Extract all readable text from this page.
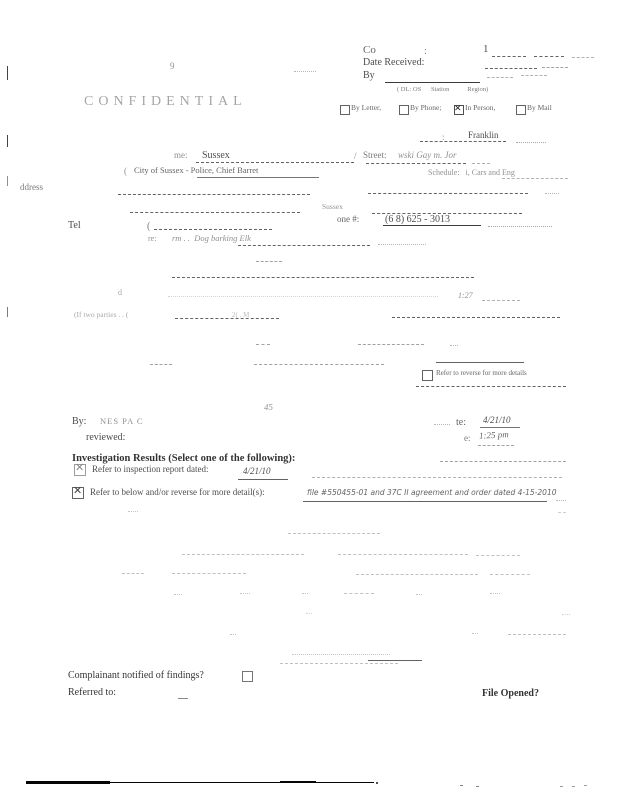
9
Co	:	1
Date Received:
By
( DL: OS      Station           Region)
By Letter,	By Phone; ✕ In Person,	By Mail
CONFIDENTIAL
:	Franklin
me: Sussex	/ Street: wski Gay m. Jor
( City of Sussex - Police, Chief Barret	Schedule:   i, Cars and Eng
ddress
Sussex
Tel	(
one #:	(6 8) 625 - 3013
re: rm . .  Dog barking Elk
d	1:27
(If two parties . . (	2( . M
Refer to reverse for more details
45
By: NES PA C	te: 4/21/10
reviewed:	e: 1:25 pm
Investigation Results (Select one of the following):
✕ Refer to inspection report dated:	4/21/10
✕ Refer to below and/or reverse for more detail(s):	file #550455-01 and 37C II agreement and order dated 4-15-2010
Complainant notified of findings?
Referred to:	File Opened?
